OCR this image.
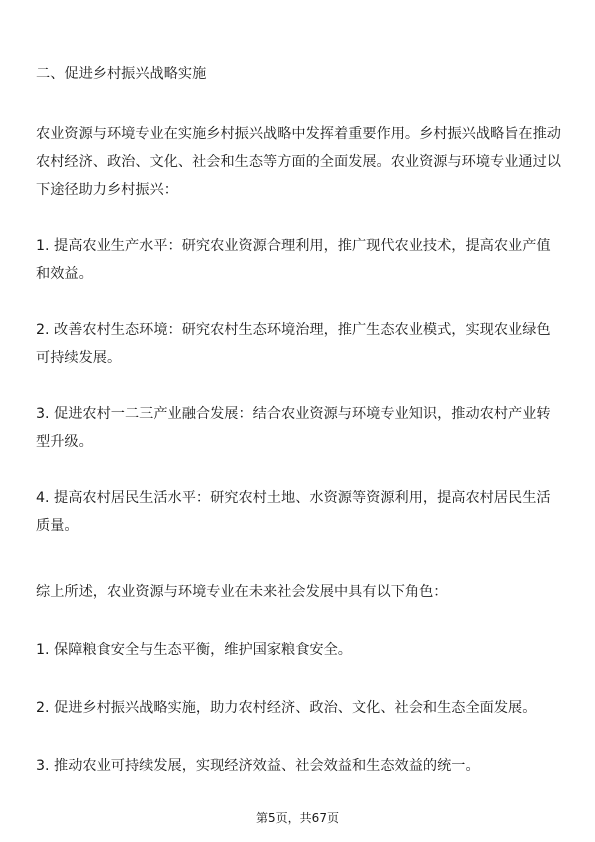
二、促进乡村振兴战略实施

农业资源与环境专业在实施乡村振兴战略中发挥着重要作用。乡村振兴战略旨在推动农村经济、政治、文化、社会和生态等方面的全面发展。农业资源与环境专业通过以下途径助力乡村振兴：

1. 提高农业生产水平：研究农业资源合理利用，推广现代农业技术，提高农业产值和效益。

2. 改善农村生态环境：研究农村生态环境治理，推广生态农业模式，实现农业绿色可持续发展。

3. 促进农村一二三产业融合发展：结合农业资源与环境专业知识，推动农村产业转型升级。

4. 提高农村居民生活水平：研究农村土地、水资源等资源利用，提高农村居民生活质量。

综上所述，农业资源与环境专业在未来社会发展中具有以下角色：

1. 保障粮食安全与生态平衡，维护国家粮食安全。

2. 促进乡村振兴战略实施，助力农村经济、政治、文化、社会和生态全面发展。

3. 推动农业可持续发展，实现经济效益、社会效益和生态效益的统一。

第5页，共67页
